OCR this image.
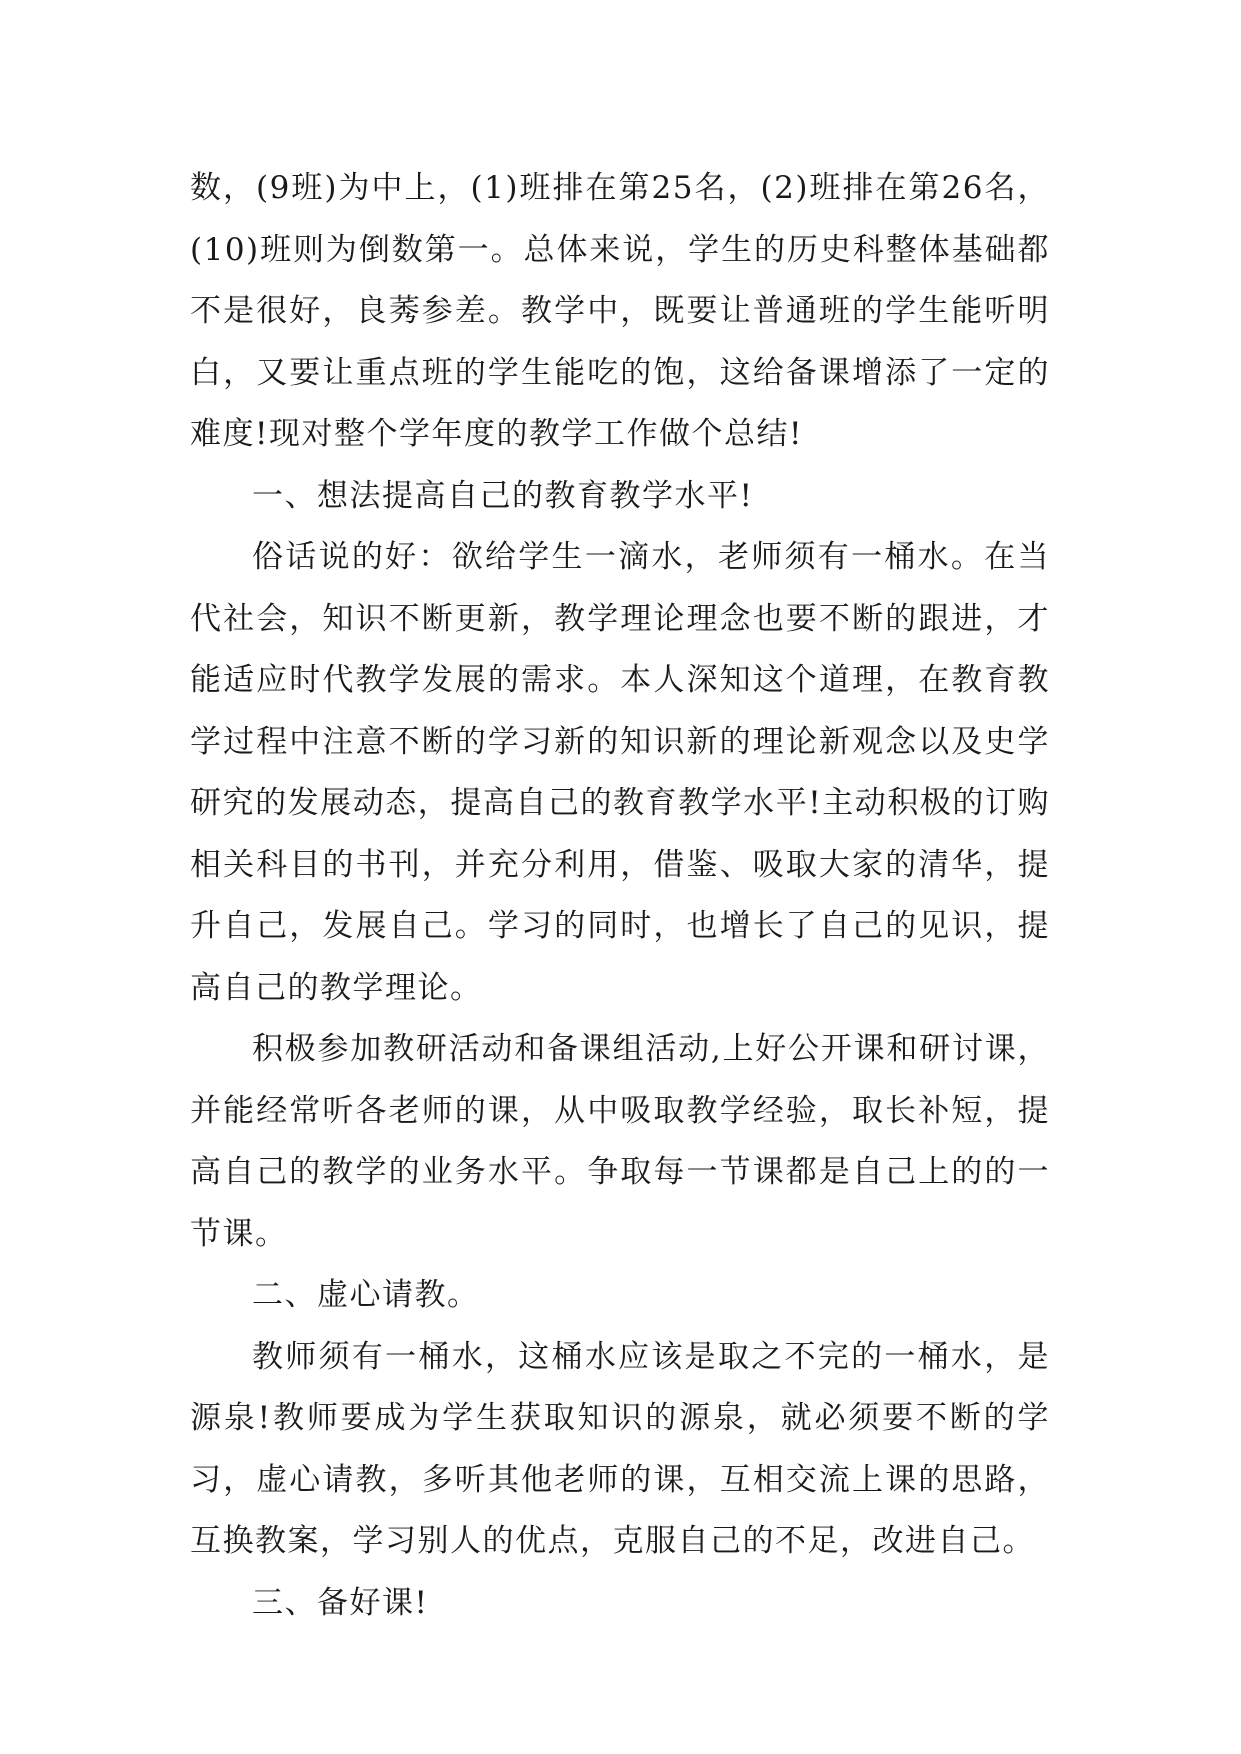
数，(9班)为中上，(1)班排在第25名，(2)班排在第26名，(10)班则为倒数第一。总体来说，学生的历史科整体基础都不是很好，良莠参差。教学中，既要让普通班的学生能听明白，又要让重点班的学生能吃的饱，这给备课增添了一定的难度!现对整个学年度的教学工作做个总结!

一、想法提高自己的教育教学水平!

俗话说的好：欲给学生一滴水，老师须有一桶水。在当代社会，知识不断更新，教学理论理念也要不断的跟进，才能适应时代教学发展的需求。本人深知这个道理，在教育教学过程中注意不断的学习新的知识新的理论新观念以及史学研究的发展动态，提高自己的教育教学水平!主动积极的订购相关科目的书刊，并充分利用，借鉴、吸取大家的清华，提升自己，发展自己。学习的同时，也增长了自己的见识，提高自己的教学理论。

积极参加教研活动和备课组活动,上好公开课和研讨课，并能经常听各老师的课，从中吸取教学经验，取长补短，提高自己的教学的业务水平。争取每一节课都是自己上的的一节课。

二、虚心请教。

教师须有一桶水，这桶水应该是取之不完的一桶水，是源泉!教师要成为学生获取知识的源泉，就必须要不断的学习，虚心请教，多听其他老师的课，互相交流上课的思路，互换教案，学习别人的优点，克服自己的不足，改进自己。

三、备好课!
